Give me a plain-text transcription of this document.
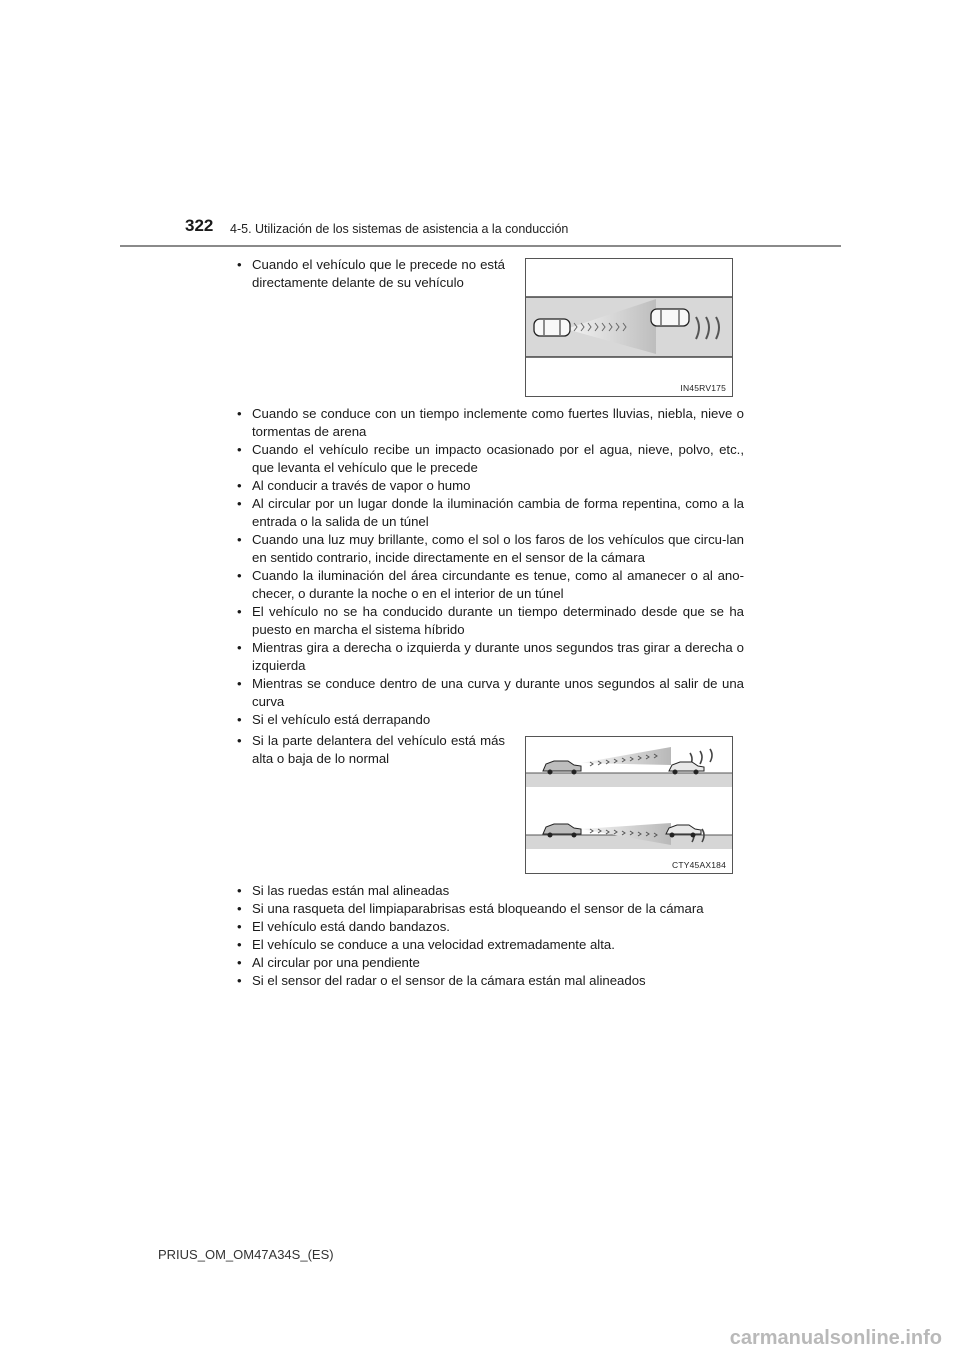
322 4-5. Utilización de los sistemas de asistencia a la conducción

• Cuando el vehículo que le precede no está directamente delante de su vehículo

IN45RV175

• Cuando se conduce con un tiempo inclemente como fuertes lluvias, niebla, nieve o tormentas de arena

• Cuando el vehículo recibe un impacto ocasionado por el agua, nieve, polvo, etc., que levanta el vehículo que le precede

• Al conducir a través de vapor o humo

• Al circular por un lugar donde la iluminación cambia de forma repentina, como a la entrada o la salida de un túnel

• Cuando una luz muy brillante, como el sol o los faros de los vehículos que circu-lan en sentido contrario, incide directamente en el sensor de la cámara

• Cuando la iluminación del área circundante es tenue, como al amanecer o al ano-checer, o durante la noche o en el interior de un túnel

• El vehículo no se ha conducido durante un tiempo determinado desde que se ha puesto en marcha el sistema híbrido

• Mientras gira a derecha o izquierda y durante unos segundos tras girar a derecha o izquierda

• Mientras se conduce dentro de una curva y durante unos segundos al salir de una curva

• Si el vehículo está derrapando

• Si la parte delantera del vehículo está más alta o baja de lo normal

CTY45AX184

• Si las ruedas están mal alineadas

• Si una rasqueta del limpiaparabrisas está bloqueando el sensor de la cámara

• El vehículo está dando bandazos.

• El vehículo se conduce a una velocidad extremadamente alta.

• Al circular por una pendiente

• Si el sensor del radar o el sensor de la cámara están mal alineados

PRIUS_OM_OM47A34S_(ES)
carmanualsonline.info
